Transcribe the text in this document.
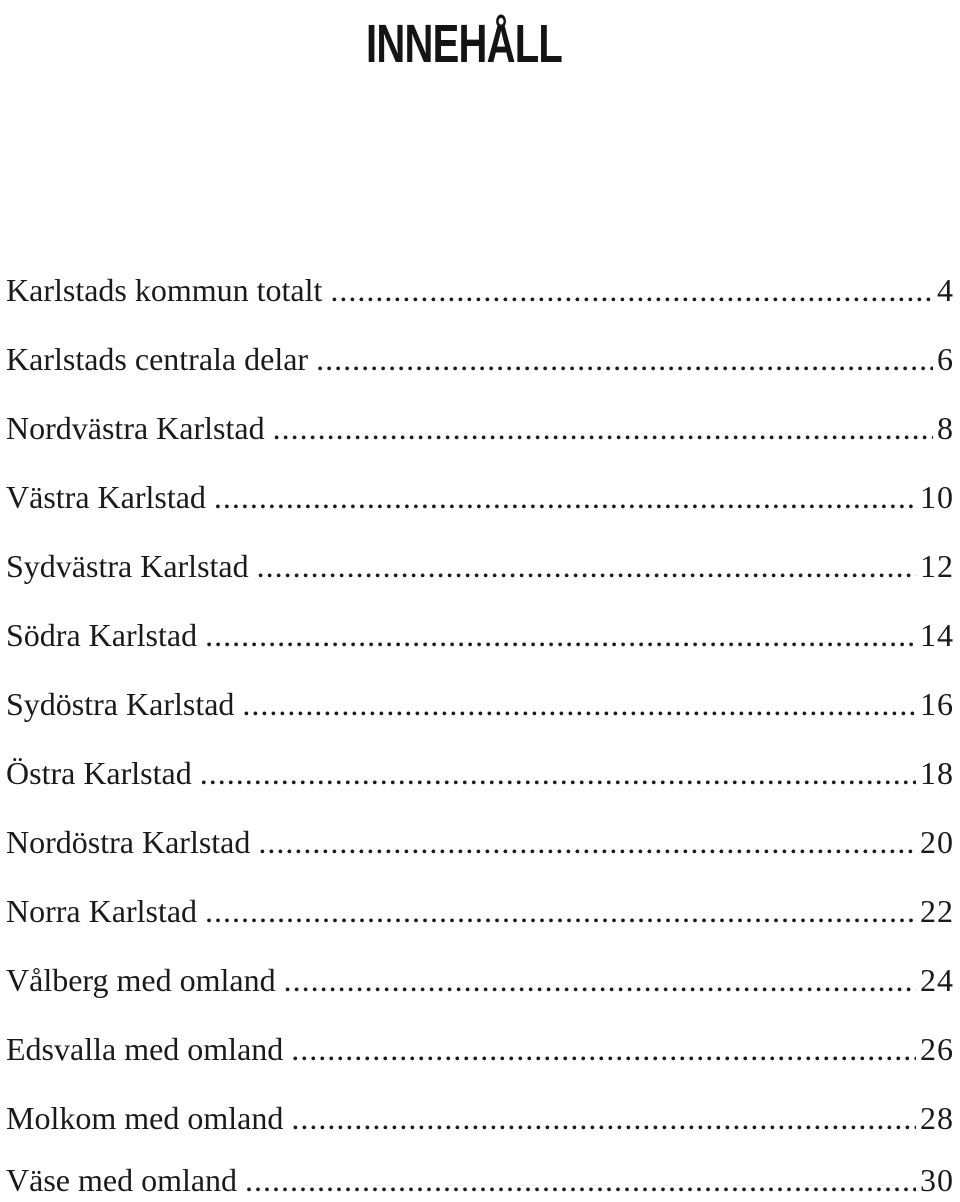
INNEHÅLL
Karlstads kommun totalt .....	4
Karlstads centrala delar .....	6
Nordvästra Karlstad .....	8
Västra Karlstad .....	10
Sydvästra Karlstad .....	12
Södra Karlstad .....	14
Sydöstra Karlstad .....	16
Östra Karlstad .....	18
Nordöstra Karlstad .....	20
Norra Karlstad .....	22
Vålberg med omland .....	24
Edsvalla med omland .....	26
Molkom med omland .....	28
Väse med omland .....	30
